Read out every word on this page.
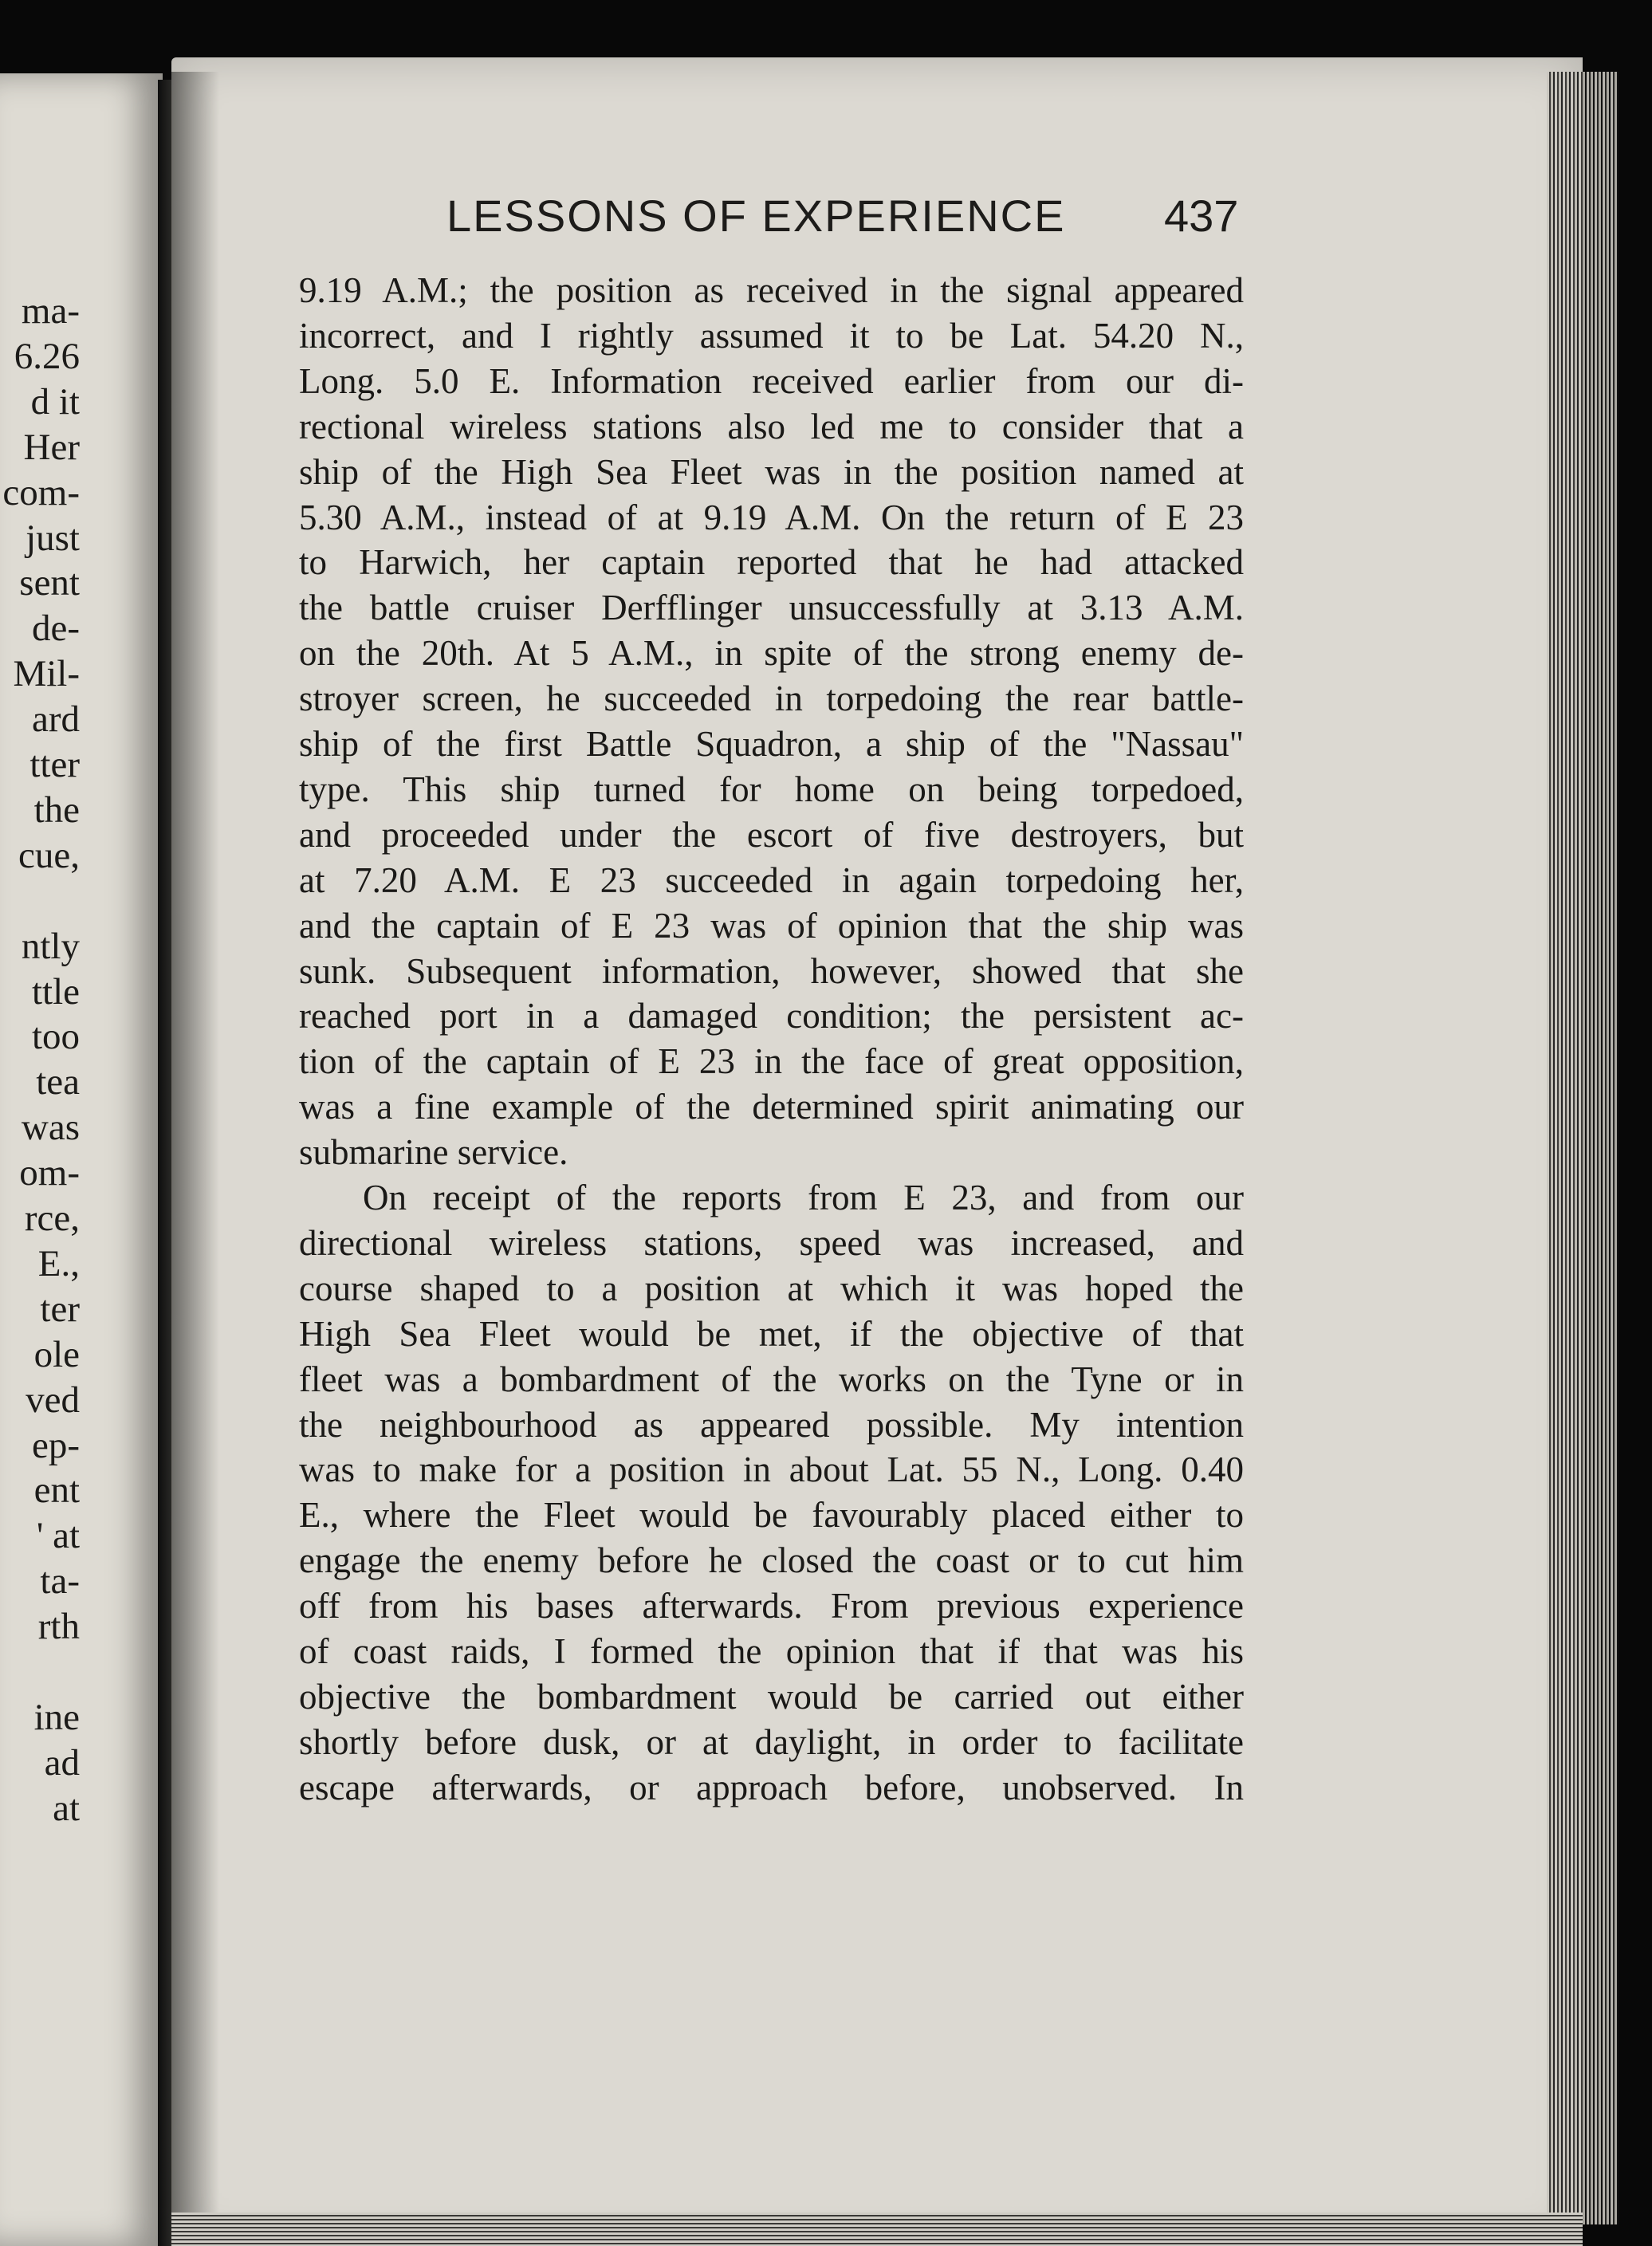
ma-
6.26
d it
Her
com-
just
sent
de-
Mil-
ard
tter
the
cue,
ntly
ttle
too
tea
was
om-
rce,
E.,
ter
ole
ved
ep-
ent
' at
ta-
rth
ine
ad
at
LESSONS OF EXPERIENCE 437
9.19 A.M.; the position as received in the signal appeared
incorrect, and I rightly assumed it to be Lat. 54.20 N.,
Long. 5.0 E. Information received earlier from our di-
rectional wireless stations also led me to consider that a
ship of the High Sea Fleet was in the position named at
5.30 A.M., instead of at 9.19 A.M. On the return of E 23
to Harwich, her captain reported that he had attacked
the battle cruiser Derfflinger unsuccessfully at 3.13 A.M.
on the 20th. At 5 A.M., in spite of the strong enemy de-
stroyer screen, he succeeded in torpedoing the rear battle-
ship of the first Battle Squadron, a ship of the "Nassau"
type. This ship turned for home on being torpedoed,
and proceeded under the escort of five destroyers, but
at 7.20 A.M. E 23 succeeded in again torpedoing her,
and the captain of E 23 was of opinion that the ship was
sunk. Subsequent information, however, showed that she
reached port in a damaged condition; the persistent ac-
tion of the captain of E 23 in the face of great opposition,
was a fine example of the determined spirit animating our
submarine service.
On receipt of the reports from E 23, and from our
directional wireless stations, speed was increased, and
course shaped to a position at which it was hoped the
High Sea Fleet would be met, if the objective of that
fleet was a bombardment of the works on the Tyne or in
the neighbourhood as appeared possible. My intention
was to make for a position in about Lat. 55 N., Long. 0.40
E., where the Fleet would be favourably placed either to
engage the enemy before he closed the coast or to cut him
off from his bases afterwards. From previous experience
of coast raids, I formed the opinion that if that was his
objective the bombardment would be carried out either
shortly before dusk, or at daylight, in order to facilitate
escape afterwards, or approach before, unobserved. In
